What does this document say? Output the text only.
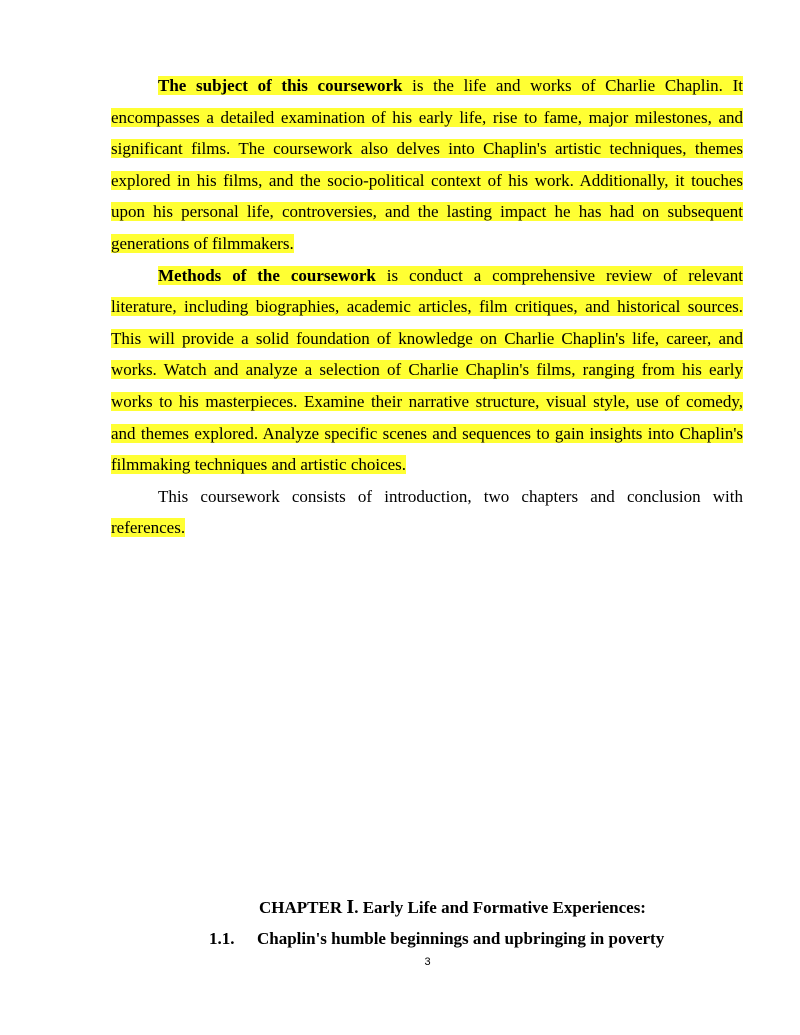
The subject of this coursework is the life and works of Charlie Chaplin. It encompasses a detailed examination of his early life, rise to fame, major milestones, and significant films. The coursework also delves into Chaplin's artistic techniques, themes explored in his films, and the socio-political context of his work. Additionally, it touches upon his personal life, controversies, and the lasting impact he has had on subsequent generations of filmmakers.

Methods of the coursework is conduct a comprehensive review of relevant literature, including biographies, academic articles, film critiques, and historical sources. This will provide a solid foundation of knowledge on Charlie Chaplin's life, career, and works. Watch and analyze a selection of Charlie Chaplin's films, ranging from his early works to his masterpieces. Examine their narrative structure, visual style, use of comedy, and themes explored. Analyze specific scenes and sequences to gain insights into Chaplin's filmmaking techniques and artistic choices.

This coursework consists of introduction, two chapters and conclusion with references.

CHAPTER I. Early Life and Formative Experiences:
1.1. Chaplin's humble beginnings and upbringing in poverty
3
